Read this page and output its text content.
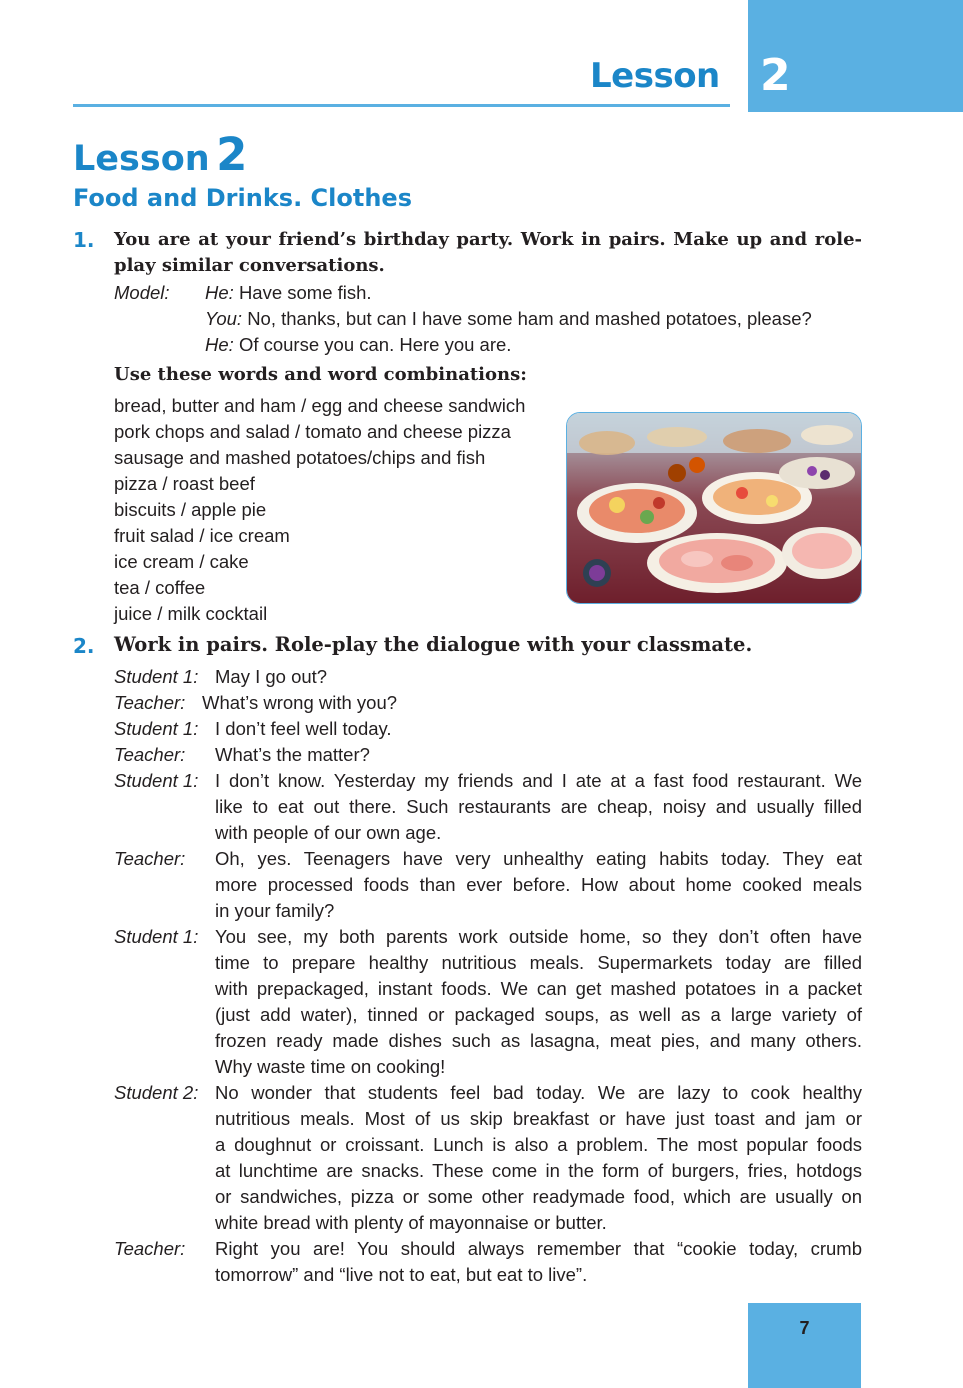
2
Lesson
Lesson 2
Food and Drinks. Clothes
1. You are at your friend’s birthday party. Work in pairs. Make up and role-
play similar conversations.
Model: He: Have some fish.
You: No, thanks, but can I have some ham and mashed potatoes, please?
He: Of course you can. Here you are.
Use these words and word combinations:
bread, butter and ham / egg and cheese sandwich
pork chops and salad / tomato and cheese pizza
sausage and mashed potatoes/chips and fish
pizza / roast beef
biscuits / apple pie
fruit salad / ice cream
ice cream / cake
tea / coffee
juice / milk cocktail
2. Work in pairs. Role-play the dialogue with your classmate.
Student 1: May I go out?
Teacher: What’s wrong with you?
Student 1: I don’t feel well today.
Teacher: What’s the matter?
Student 1: I don’t know. Yesterday my friends and I ate at a fast food restaurant. We
like to eat out there. Such restaurants are cheap, noisy and usually filled
with people of our own age.
Teacher: Oh, yes. Teenagers have very unhealthy eating habits today. They eat
more processed foods than ever before. How about home cooked meals
in your family?
Student 1: You see, my both parents work outside home, so they don’t often have
time to prepare healthy nutritious meals. Supermarkets today are filled
with prepackaged, instant foods. We can get mashed potatoes in a packet
(just add water), tinned or packaged soups, as well as a large variety of
frozen ready made dishes such as lasagna, meat pies, and many others.
Why waste time on cooking!
Student 2: No wonder that students feel bad today. We are lazy to cook healthy
nutritious meals. Most of us skip breakfast or have just toast and jam or
a doughnut or croissant. Lunch is also a problem. The most popular foods
at lunchtime are snacks. These come in the form of burgers, fries, hotdogs
or sandwiches, pizza or some other readymade food, which are usually on
white bread with plenty of mayonnaise or butter.
Teacher: Right you are! You should always remember that “cookie today, crumb
tomorrow” and “live not to eat, but eat to live”.
7
